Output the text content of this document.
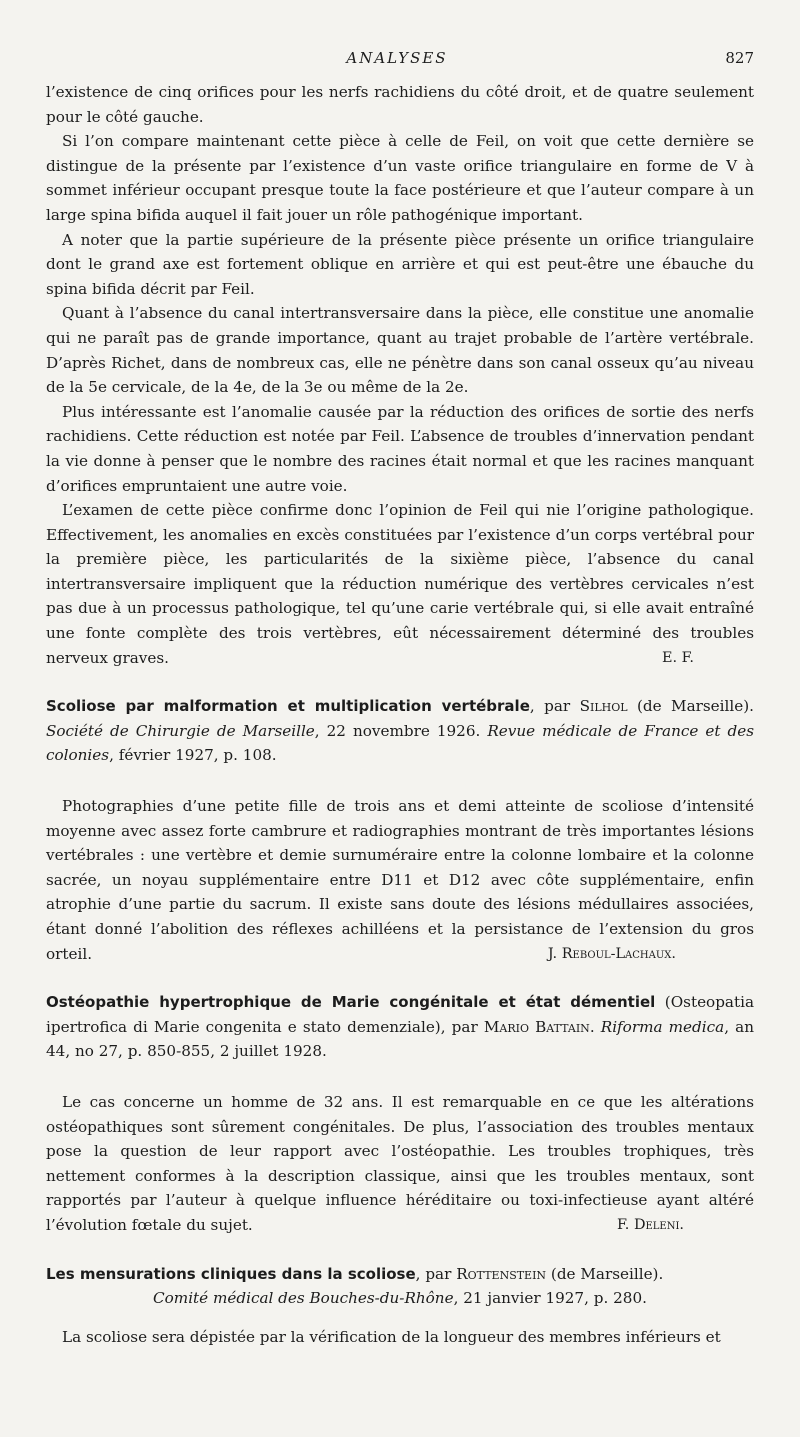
ANALYSES	827

l’existence de cinq orifices pour les nerfs rachidiens du côté droit, et de quatre seulement pour le côté gauche.

Si l’on compare maintenant cette pièce à celle de Feil, on voit que cette dernière se distingue de la présente par l’existence d’un vaste orifice triangulaire en forme de V à sommet inférieur occupant presque toute la face postérieure et que l’auteur compare à un large spina bifida auquel il fait jouer un rôle pathogénique important.

A noter que la partie supérieure de la présente pièce présente un orifice triangulaire dont le grand axe est fortement oblique en arrière et qui est peut-être une ébauche du spina bifida décrit par Feil.

Quant à l’absence du canal intertransversaire dans la pièce, elle constitue une anomalie qui ne paraît pas de grande importance, quant au trajet probable de l’artère vertébrale. D’après Richet, dans de nombreux cas, elle ne pénètre dans son canal osseux qu’au niveau de la 5e cervicale, de la 4e, de la 3e ou même de la 2e.

Plus intéressante est l’anomalie causée par la réduction des orifices de sortie des nerfs rachidiens. Cette réduction est notée par Feil. L’absence de troubles d’innervation pendant la vie donne à penser que le nombre des racines était normal et que les racines manquant d’orifices empruntaient une autre voie.

L’examen de cette pièce confirme donc l’opinion de Feil qui nie l’origine pathologique. Effectivement, les anomalies en excès constituées par l’existence d’un corps vertébral pour la première pièce, les particularités de la sixième pièce, l’absence du canal intertransversaire impliquent que la réduction numérique des vertèbres cervicales n’est pas due à un processus pathologique, tel qu’une carie vertébrale qui, si elle avait entraîné une fonte complète des trois vertèbres, eût nécessairement déterminé des troubles nerveux graves.	E. F.

Scoliose par malformation et multiplication vertébrale, par Silhol (de Marseille). Société de Chirurgie de Marseille, 22 novembre 1926. Revue médicale de France et des colonies, février 1927, p. 108.

Photographies d’une petite fille de trois ans et demi atteinte de scoliose d’intensité moyenne avec assez forte cambrure et radiographies montrant de très importantes lésions vertébrales : une vertèbre et demie surnuméraire entre la colonne lombaire et la colonne sacrée, un noyau supplémentaire entre D11 et D12 avec côte supplémentaire, enfin atrophie d’une partie du sacrum. Il existe sans doute des lésions médullaires associées, étant donné l’abolition des réflexes achilléens et la persistance de l’extension du gros orteil.	J. Reboul-Lachaux.

Ostéopathie hypertrophique de Marie congénitale et état démentiel (Osteopatia ipertrofica di Marie congenita e stato demenziale), par Mario Battain. Riforma medica, an 44, no 27, p. 850-855, 2 juillet 1928.

Le cas concerne un homme de 32 ans. Il est remarquable en ce que les altérations ostéopathiques sont sûrement congénitales. De plus, l’association des troubles mentaux pose la question de leur rapport avec l’ostéopathie. Les troubles trophiques, très nettement conformes à la description classique, ainsi que les troubles mentaux, sont rapportés par l’auteur à quelque influence héréditaire ou toxi-infectieuse ayant altéré l’évolution fœtale du sujet.	F. Deleni.

Les mensurations cliniques dans la scoliose, par Rottenstein (de Marseille).

Comité médical des Bouches-du-Rhône, 21 janvier 1927, p. 280.

La scoliose sera dépistée par la vérification de la longueur des membres inférieurs et
